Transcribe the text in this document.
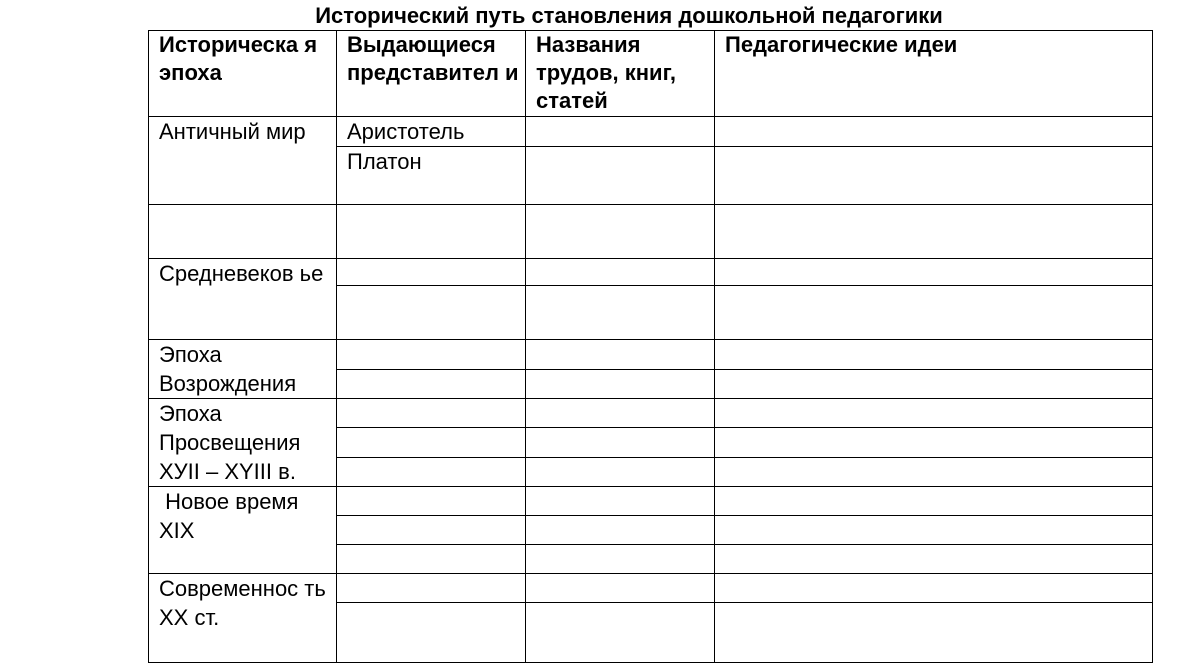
Исторический путь становления дошкольной педагогики
Историческа я эпоха	Выдающиеся представител и	Названия трудов, книг, статей	Педагогические идеи
Античный мир	Аристотель		
	Платон		

Средневеков ье			

Эпоха Возрождения			

Эпоха Просвещения ХУІІ – ХYIII в.			

Новое время XIX			

Современнос ть ХХ ст.			
